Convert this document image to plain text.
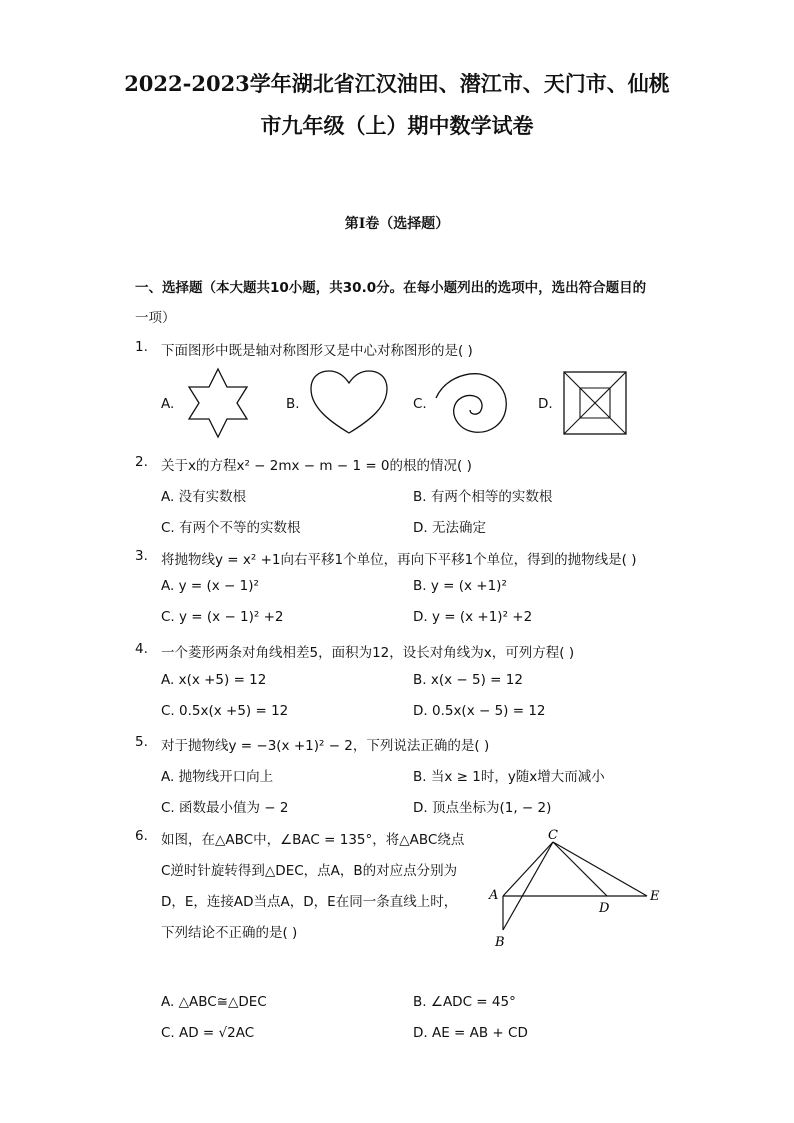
2022-2023学年湖北省江汉油田、潜江市、天门市、仙桃
市九年级（上）期中数学试卷
第I卷（选择题）
一、选择题（本大题共10小题，共30.0分。在每小题列出的选项中，选出符合题目的
一项）
1. 下面图形中既是轴对称图形又是中心对称图形的是( )
A.	B.	C.	D.
2. 关于x的方程x² − 2mx − m − 1 = 0的根的情况( )
A. 没有实数根	B. 有两个相等的实数根
C. 有两个不等的实数根	D. 无法确定
3. 将抛物线y = x² +1向右平移1个单位，再向下平移1个单位，得到的抛物线是( )
A. y = (x − 1)²	B. y = (x +1)²
C. y = (x − 1)² +2	D. y = (x +1)² +2
4. 一个菱形两条对角线相差5，面积为12，设长对角线为x，可列方程( )
A. x(x +5) = 12	B. x(x − 5) = 12
C. 0.5x(x +5) = 12	D. 0.5x(x − 5) = 12
5. 对于抛物线y = −3(x +1)² − 2，下列说法正确的是( )
A. 抛物线开口向上	B. 当x ≥ 1时，y随x增大而减小
C. 函数最小值为 − 2	D. 顶点坐标为(1, − 2)
6. 如图，在△ABC中，∠BAC = 135°，将△ABC绕点
C逆时针旋转得到△DEC，点A，B的对应点分别为
D，E，连接AD当点A，D，E在同一条直线上时，
下列结论不正确的是( )
C
A
D
E
B
A. △ABC≅△DEC	B. ∠ADC = 45°
C. AD = √2AC	D. AE = AB + CD
